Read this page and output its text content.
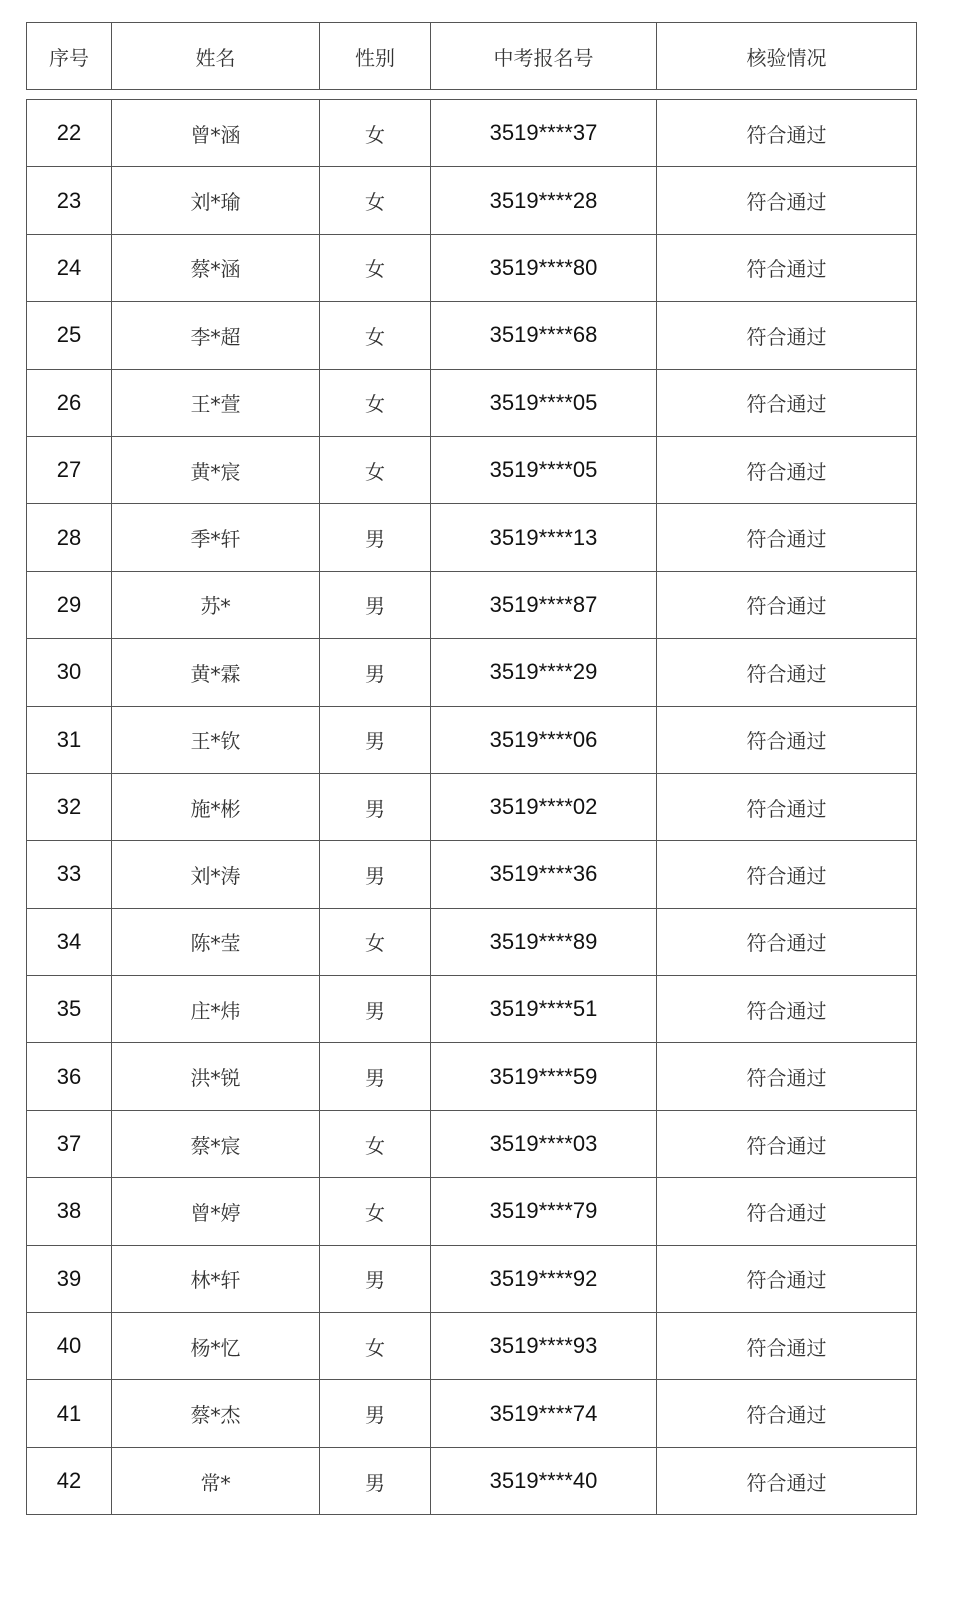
序号	姓名	性别	中考报名号	核验情况
22	曾*涵	女	3519****37	符合通过
23	刘*瑜	女	3519****28	符合通过
24	蔡*涵	女	3519****80	符合通过
25	李*超	女	3519****68	符合通过
26	王*萱	女	3519****05	符合通过
27	黄*宸	女	3519****05	符合通过
28	季*轩	男	3519****13	符合通过
29	苏*	男	3519****87	符合通过
30	黄*霖	男	3519****29	符合通过
31	王*钦	男	3519****06	符合通过
32	施*彬	男	3519****02	符合通过
33	刘*涛	男	3519****36	符合通过
34	陈*莹	女	3519****89	符合通过
35	庄*炜	男	3519****51	符合通过
36	洪*锐	男	3519****59	符合通过
37	蔡*宸	女	3519****03	符合通过
38	曾*婷	女	3519****79	符合通过
39	林*轩	男	3519****92	符合通过
40	杨*忆	女	3519****93	符合通过
41	蔡*杰	男	3519****74	符合通过
42	常*	男	3519****40	符合通过
